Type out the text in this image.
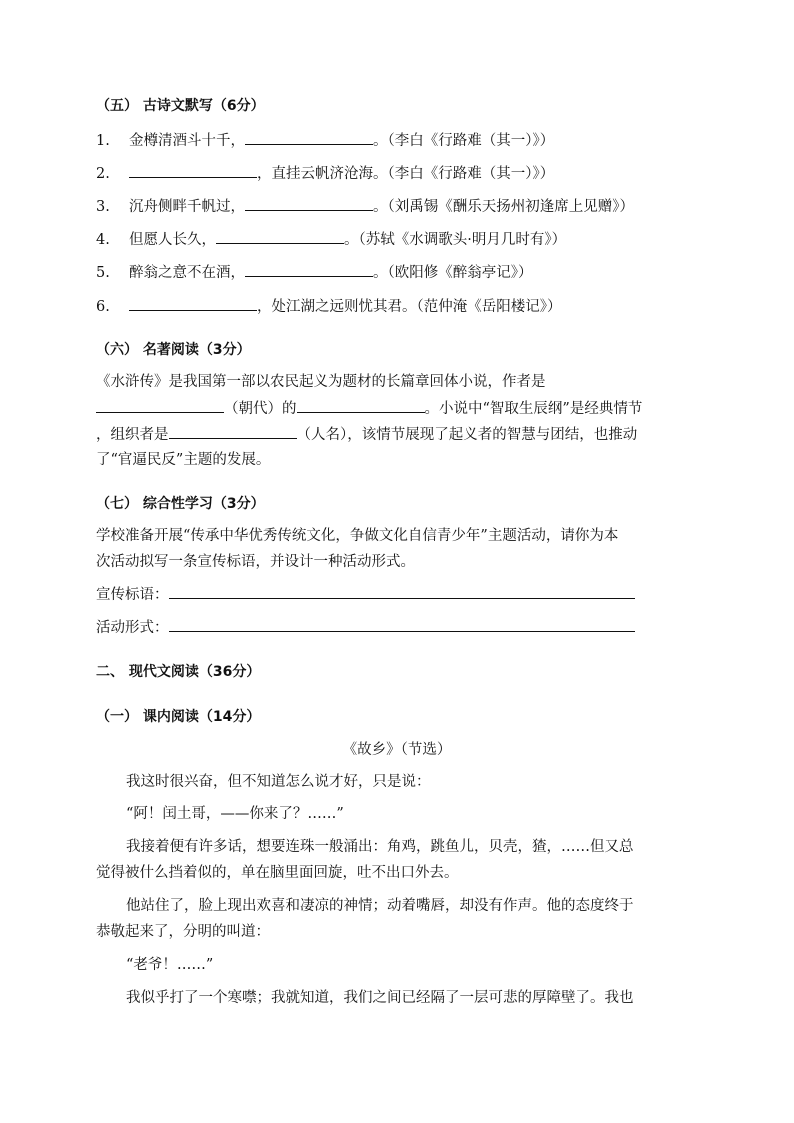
（五） 古诗文默写（6分）
1. 金樽清酒斗十千，	。（李白《行路难（其一）》）
2.	，直挂云帆济沧海。（李白《行路难（其一）》）
3. 沉舟侧畔千帆过，	。（刘禹锡《酬乐天扬州初逢席上见赠》）
4. 但愿人长久，	。（苏轼《水调歌头·明月几时有》）
5. 醉翁之意不在酒，	。（欧阳修《醉翁亭记》）
6.	，处江湖之远则忧其君。（范仲淹《岳阳楼记》）
（六） 名著阅读（3分）
《水浒传》是我国第一部以农民起义为题材的长篇章回体小说，作者是
（朝代）的	。小说中“智取生辰纲”是经典情节
，组织者是	（人名），该情节展现了起义者的智慧与团结，也推动
了“官逼民反”主题的发展。
（七） 综合性学习（3分）
学校准备开展“传承中华优秀传统文化，争做文化自信青少年”主题活动，请你为本
次活动拟写一条宣传标语，并设计一种活动形式。
宣传标语：
活动形式：
二、 现代文阅读（36分）
（一） 课内阅读（14分）
《故乡》（节选）
我这时很兴奋，但不知道怎么说才好，只是说：
“阿！闰土哥，——你来了？……”
我接着便有许多话，想要连珠一般涌出：角鸡，跳鱼儿，贝壳，猹，……但又总
觉得被什么挡着似的，单在脑里面回旋，吐不出口外去。
他站住了，脸上现出欢喜和凄凉的神情；动着嘴唇，却没有作声。他的态度终于
恭敬起来了，分明的叫道：
“老爷！……”
我似乎打了一个寒噤；我就知道，我们之间已经隔了一层可悲的厚障壁了。我也
